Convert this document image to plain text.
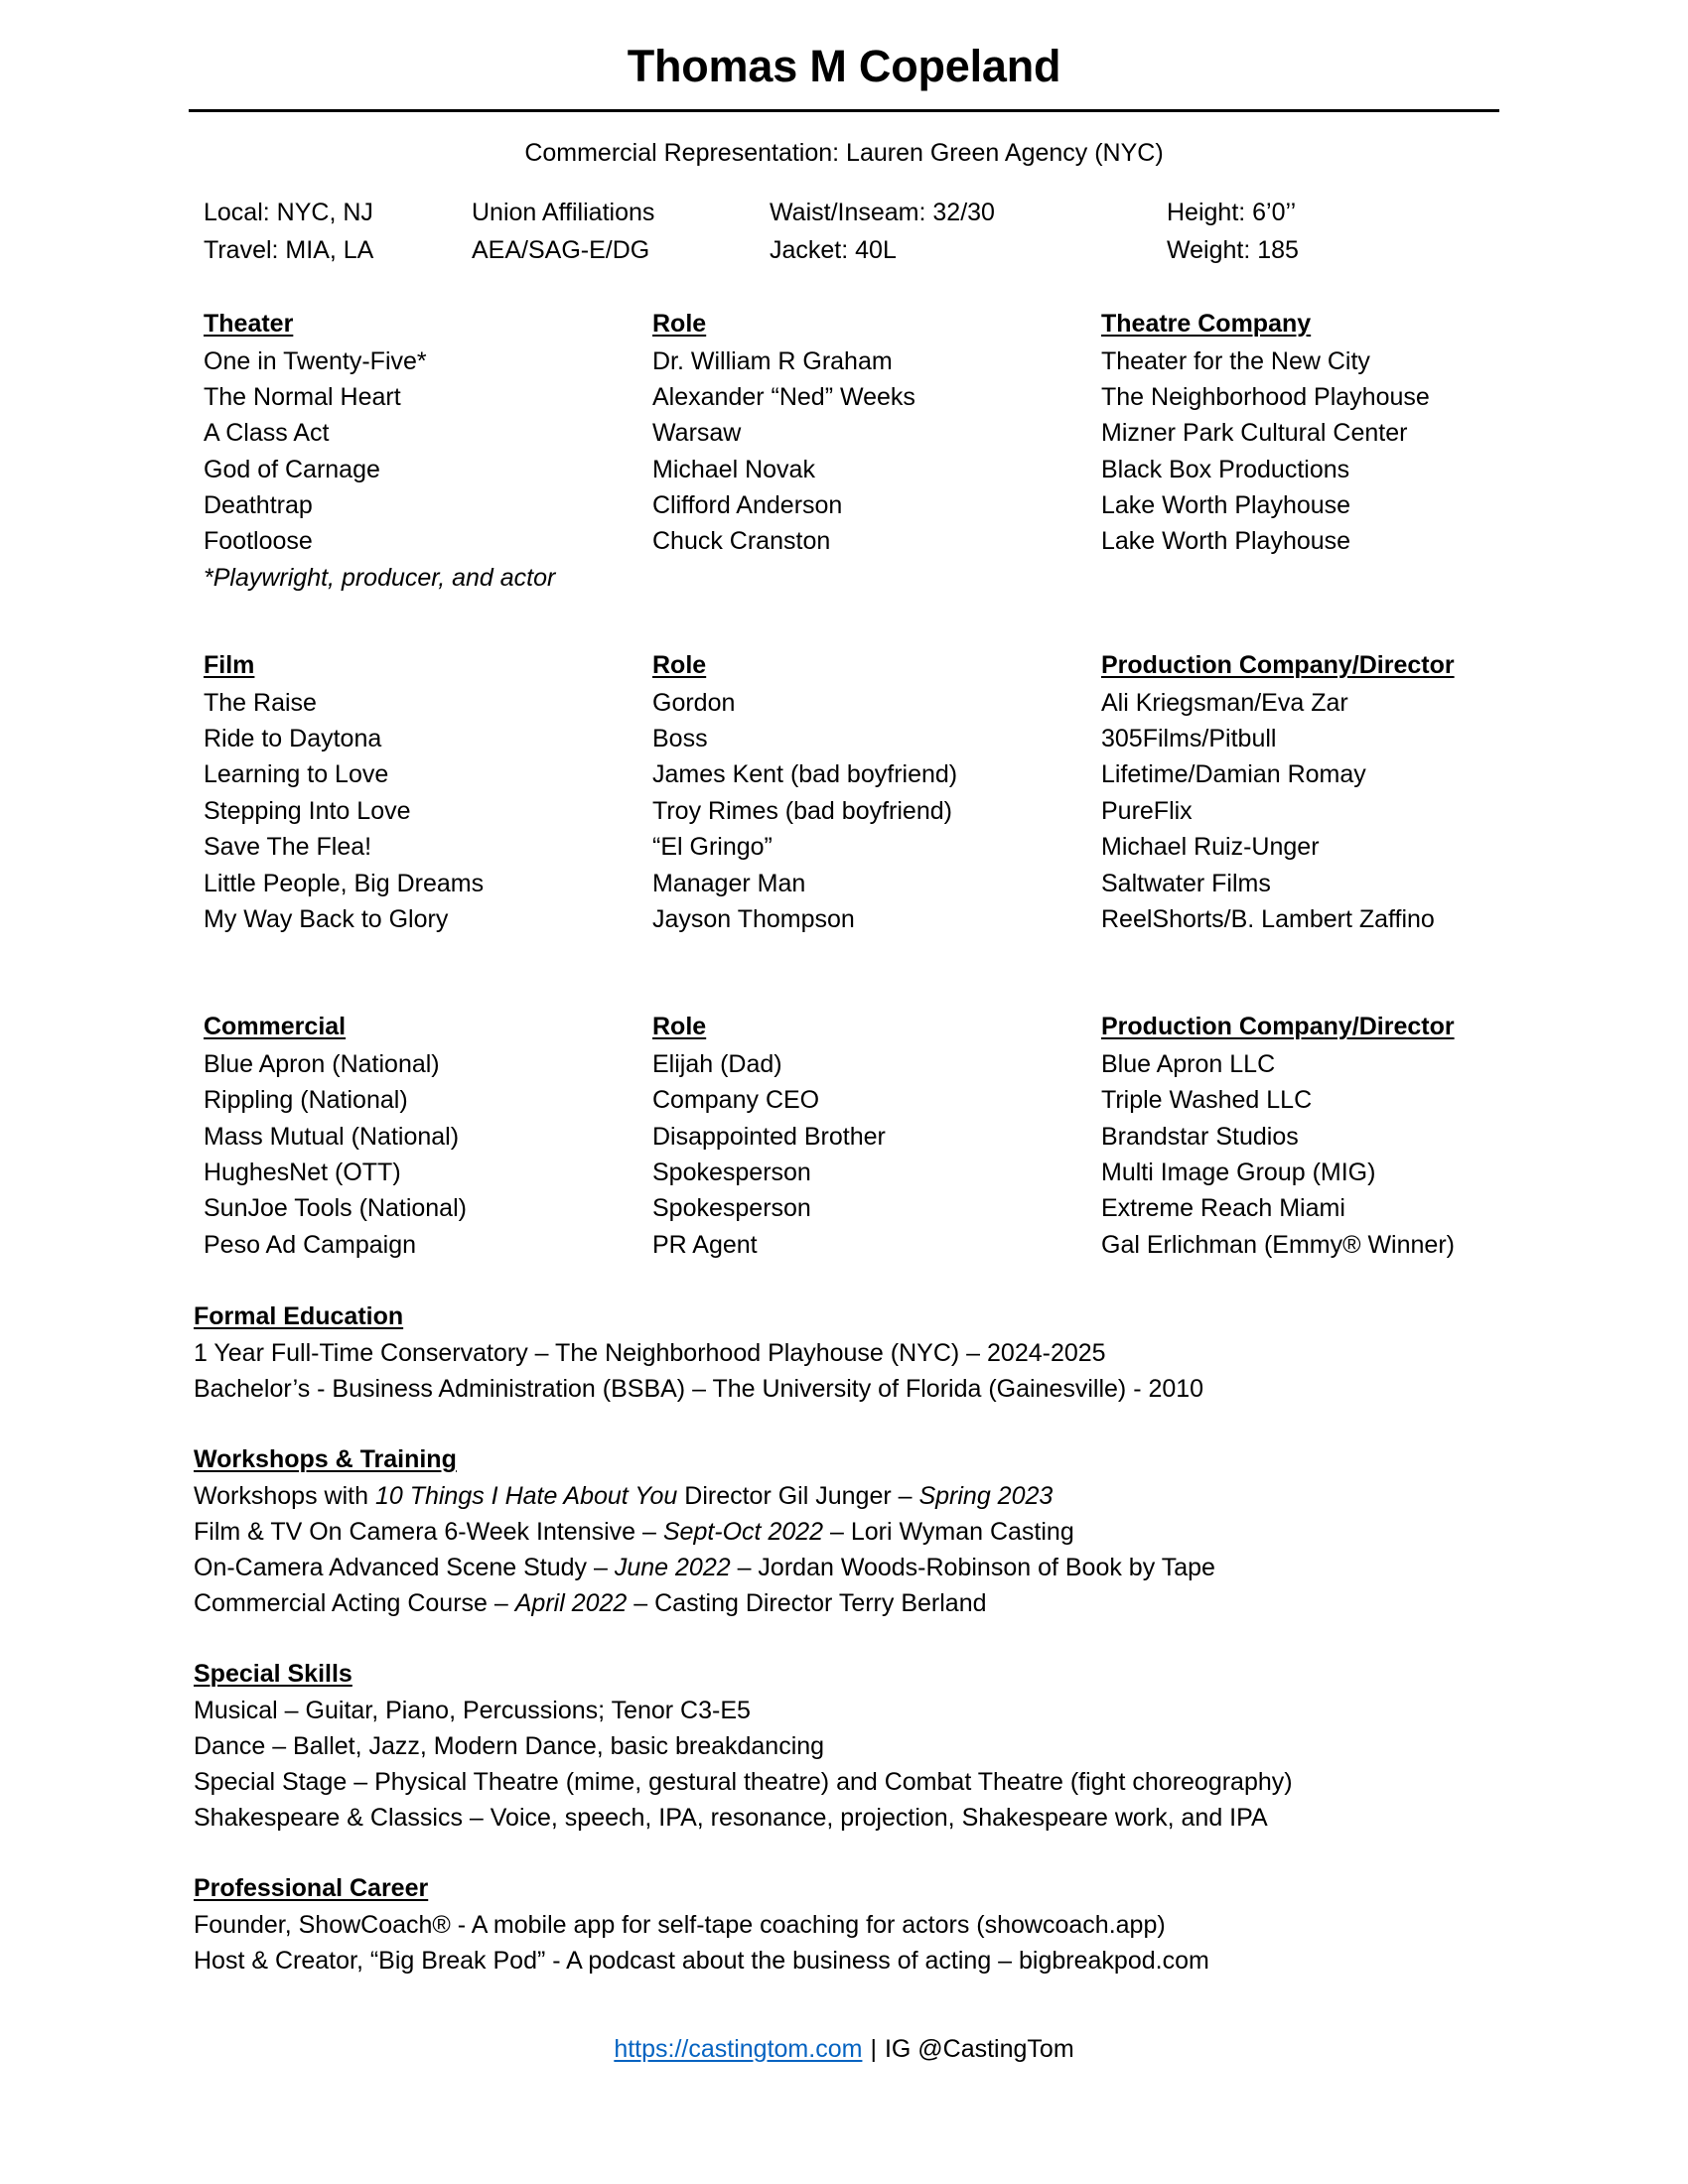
Thomas M Copeland
Commercial Representation: Lauren Green Agency (NYC)
Local: NYC, NJ	Union Affiliations	Waist/Inseam: 32/30	Height: 6’0’’
Travel: MIA, LA	AEA/SAG-E/DG	Jacket: 40L	Weight: 185
Theater	Role	Theatre Company
One in Twenty-Five*	Dr. William R Graham	Theater for the New City
The Normal Heart	Alexander “Ned” Weeks	The Neighborhood Playhouse
A Class Act	Warsaw	Mizner Park Cultural Center
God of Carnage	Michael Novak	Black Box Productions
Deathtrap	Clifford Anderson	Lake Worth Playhouse
Footloose	Chuck Cranston	Lake Worth Playhouse
*Playwright, producer, and actor
Film	Role	Production Company/Director
The Raise	Gordon	Ali Kriegsman/Eva Zar
Ride to Daytona	Boss	305Films/Pitbull
Learning to Love	James Kent (bad boyfriend)	Lifetime/Damian Romay
Stepping Into Love	Troy Rimes (bad boyfriend)	PureFlix
Save The Flea!	“El Gringo”	Michael Ruiz-Unger
Little People, Big Dreams	Manager Man	Saltwater Films
My Way Back to Glory	Jayson Thompson	ReelShorts/B. Lambert Zaffino
Commercial	Role	Production Company/Director
Blue Apron (National)	Elijah (Dad)	Blue Apron LLC
Rippling (National)	Company CEO	Triple Washed LLC
Mass Mutual (National)	Disappointed Brother	Brandstar Studios
HughesNet (OTT)	Spokesperson	Multi Image Group (MIG)
SunJoe Tools (National)	Spokesperson	Extreme Reach Miami
Peso Ad Campaign	PR Agent	Gal Erlichman (Emmy® Winner)
Formal Education
1 Year Full-Time Conservatory – The Neighborhood Playhouse (NYC) – 2024-2025
Bachelor’s - Business Administration (BSBA) – The University of Florida (Gainesville) - 2010
Workshops & Training
Workshops with 10 Things I Hate About You Director Gil Junger – Spring 2023
Film & TV On Camera 6-Week Intensive – Sept-Oct 2022 – Lori Wyman Casting
On-Camera Advanced Scene Study – June 2022 – Jordan Woods-Robinson of Book by Tape
Commercial Acting Course – April 2022 – Casting Director Terry Berland
Special Skills
Musical – Guitar, Piano, Percussions; Tenor C3-E5
Dance – Ballet, Jazz, Modern Dance, basic breakdancing
Special Stage – Physical Theatre (mime, gestural theatre) and Combat Theatre (fight choreography)
Shakespeare & Classics – Voice, speech, IPA, resonance, projection, Shakespeare work, and IPA
Professional Career
Founder, ShowCoach® - A mobile app for self-tape coaching for actors (showcoach.app)
Host & Creator, “Big Break Pod” - A podcast about the business of acting – bigbreakpod.com
https://castingtom.com | IG @CastingTom
